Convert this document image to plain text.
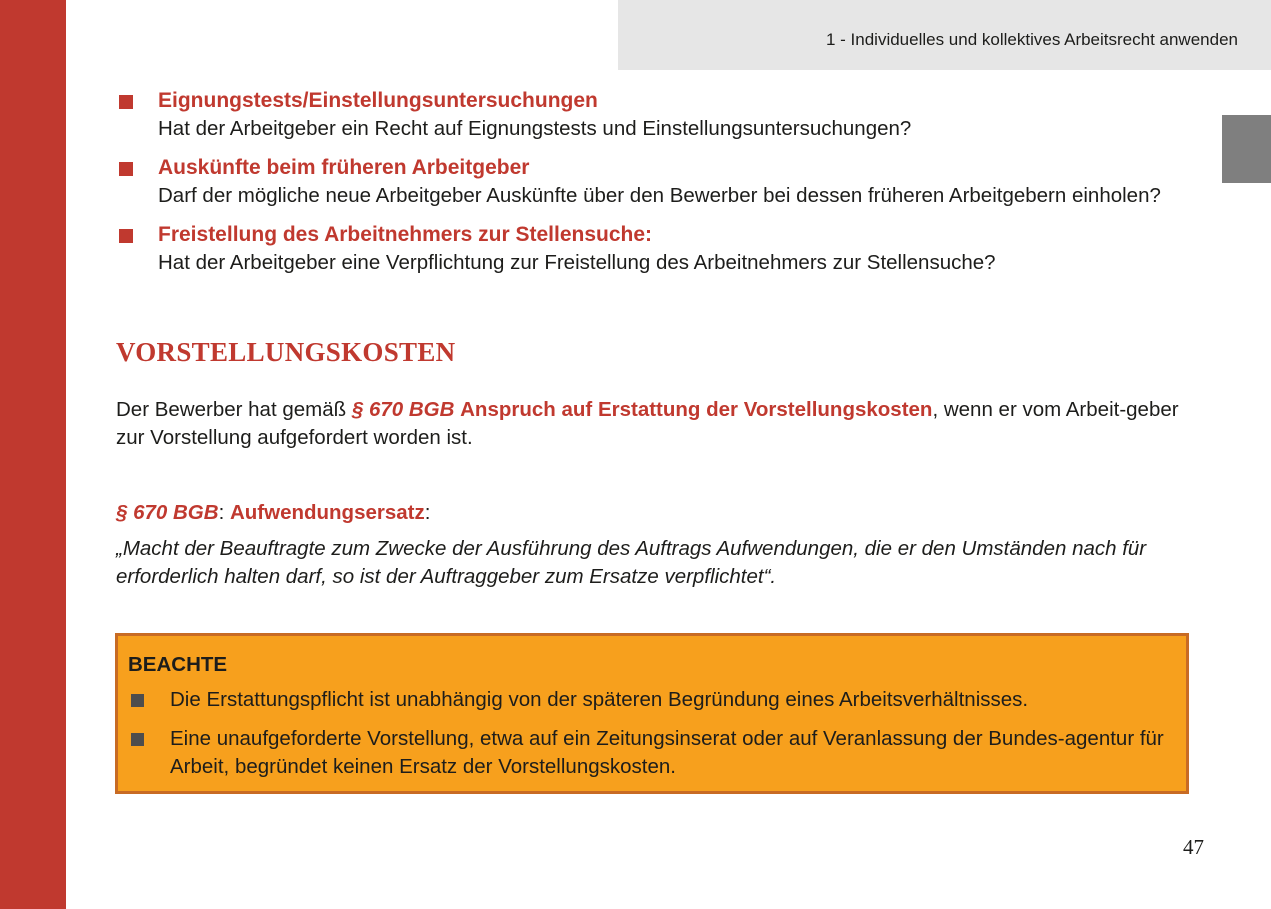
1 - Individuelles und kollektives Arbeitsrecht anwenden
Eignungstests/Einstellungsuntersuchungen
Hat der Arbeitgeber ein Recht auf Eignungstests und Einstellungsuntersuchungen?
Auskünfte beim früheren Arbeitgeber
Darf der mögliche neue Arbeitgeber Auskünfte über den Bewerber bei dessen früheren Arbeitgebern einholen?
Freistellung des Arbeitnehmers zur Stellensuche:
Hat der Arbeitgeber eine Verpflichtung zur Freistellung des Arbeitnehmers zur Stellensuche?
VORSTELLUNGSKOSTEN

Der Bewerber hat gemäß § 670 BGB Anspruch auf Erstattung der Vorstellungskosten, wenn er vom Arbeit-geber zur Vorstellung aufgefordert worden ist.

§ 670 BGB: Aufwendungsersatz:

„Macht der Beauftragte zum Zwecke der Ausführung des Auftrags Aufwendungen, die er den Umständen nach für erforderlich halten darf, so ist der Auftraggeber zum Ersatze verpflichtet“.

BEACHTE
Die Erstattungspflicht ist unabhängig von der späteren Begründung eines Arbeitsverhältnisses.
Eine unaufgeforderte Vorstellung, etwa auf ein Zeitungsinserat oder auf Veranlassung der Bundes-agentur für Arbeit, begründet keinen Ersatz der Vorstellungskosten.
47
